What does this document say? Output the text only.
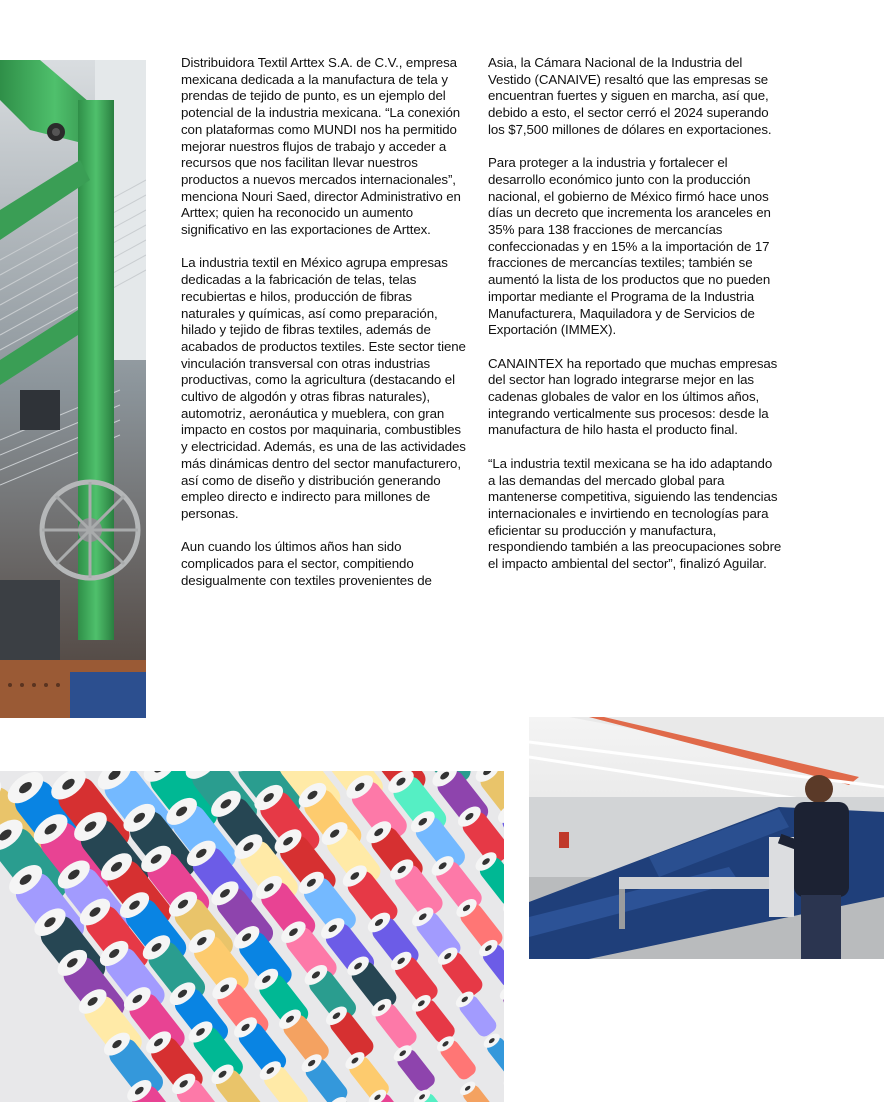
Distribuidora Textil Arttex S.A. de C.V., empresa mexicana dedicada a la manufactura de tela y prendas de tejido de punto, es un ejemplo del potencial de la industria mexicana. “La conexión con plataformas como MUNDI nos ha permitido mejorar nuestros flujos de trabajo y acceder a recursos que nos facilitan llevar nuestros productos a nuevos mercados internacionales”, menciona Nouri Saed, director Administrativo en Arttex; quien ha reconocido un aumento significativo en las exportaciones de Arttex.

La industria textil en México agrupa empresas dedicadas a la fabricación de telas, telas recubiertas e hilos, producción de fibras naturales y químicas, así como preparación, hilado y tejido de fibras textiles, además de acabados de productos textiles. Este sector tiene vinculación transversal con otras industrias productivas, como la agricultura (destacando el cultivo de algodón y otras fibras naturales), automotriz, aeronáutica y mueblera, con gran impacto en costos por maquinaria, combustibles y electricidad. Además, es una de las actividades más dinámicas dentro del sector manufacturero, así como de diseño y distribución generando empleo directo e indirecto para millones de personas.

Aun cuando los últimos años han sido complicados para el sector, compitiendo desigualmente con textiles provenientes de

Asia, la Cámara Nacional de la Industria del Vestido (CANAIVE) resaltó que las empresas se encuentran fuertes y siguen en marcha, así que, debido a esto, el sector cerró el 2024 superando los $7,500 millones de dólares en exportaciones.

Para proteger a la industria y fortalecer el desarrollo económico junto con la producción nacional, el gobierno de México firmó hace unos días un decreto que incrementa los aranceles en 35% para 138 fracciones de mercancías confeccionadas y en 15% a la importación de 17 fracciones de mercancías textiles; también se aumentó la lista de los productos que no pueden importar mediante el Programa de la Industria Manufacturera, Maquiladora y de Servicios de Exportación (IMMEX).

CANAINTEX ha reportado que muchas empresas del sector han logrado integrarse mejor en las cadenas globales de valor en los últimos años, integrando verticalmente sus procesos: desde la manufactura de hilo hasta el producto final.

“La industria textil mexicana se ha ido adaptando a las demandas del mercado global para mantenerse competitiva, siguiendo las tendencias internacionales e invirtiendo en tecnologías para eficientar su producción y manufactura, respondiendo también a las preocupaciones sobre el impacto ambiental del sector”, finalizó Aguilar.
